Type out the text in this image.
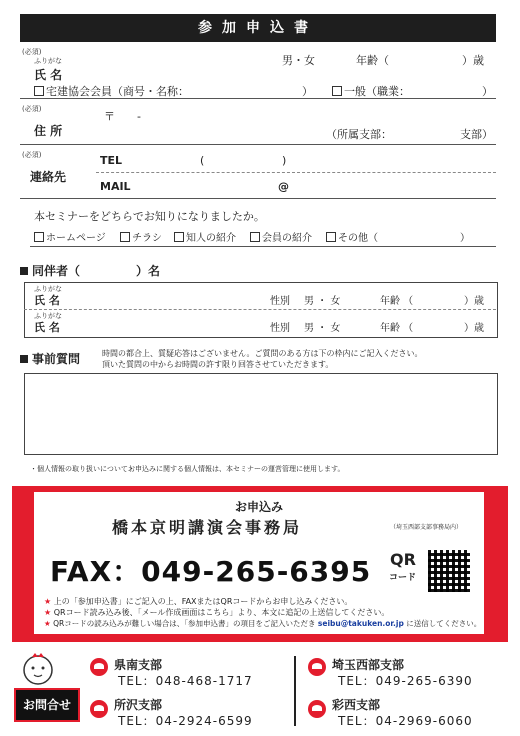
参加申込書
(必須)
ふりがな
氏 名
男・女	年齢（	）歳
宅建協会会員（商号・名称：	）	一般（職業：	）
(必須)
住 所
〒　　-
（所属支部：	支部）
(必須)
連絡先
TEL	(	)
MAIL	@
本セミナーをどちらでお知りになりましたか。
ホームページ	チラシ	知人の紹介	会員の紹介	その他（	）
同伴者（	）名
ふりがな
氏 名	性別 男 ・ 女	年齢 （	）歳
ふりがな
氏 名	性別 男 ・ 女	年齢 （	）歳
事前質問	時間の都合上、質疑応答はございません。ご質問のある方は下の枠内にご記入ください。
頂いた質問の中からお時間の許す限り回答させていただきます。
・個人情報の取り扱いについて・
お申込みに関する個人情報は、本セミナーの運営管理に使用します。
お申込み
橋本京明講演会事務局	（埼玉西部支部事務局内）
FAX：049-265-6395 QR
コード
★ 上の「参加申込書」にご記入の上、FAXまたはQRコードからお申し込みください。
★ QRコード読み込み後、「メール作成画面はこちら」より、本文に追記の上送信してください。
★ QRコードの読み込みが難しい場合は、「参加申込書」の項目をご記入いただき seibu@takuken.or.jp に送信してください。
お問合せ
県南支部
TEL：048-468-1717
埼玉西部支部
TEL：049-265-6390
所沢支部
TEL：04-2924-6599
彩西支部
TEL：04-2969-6060
